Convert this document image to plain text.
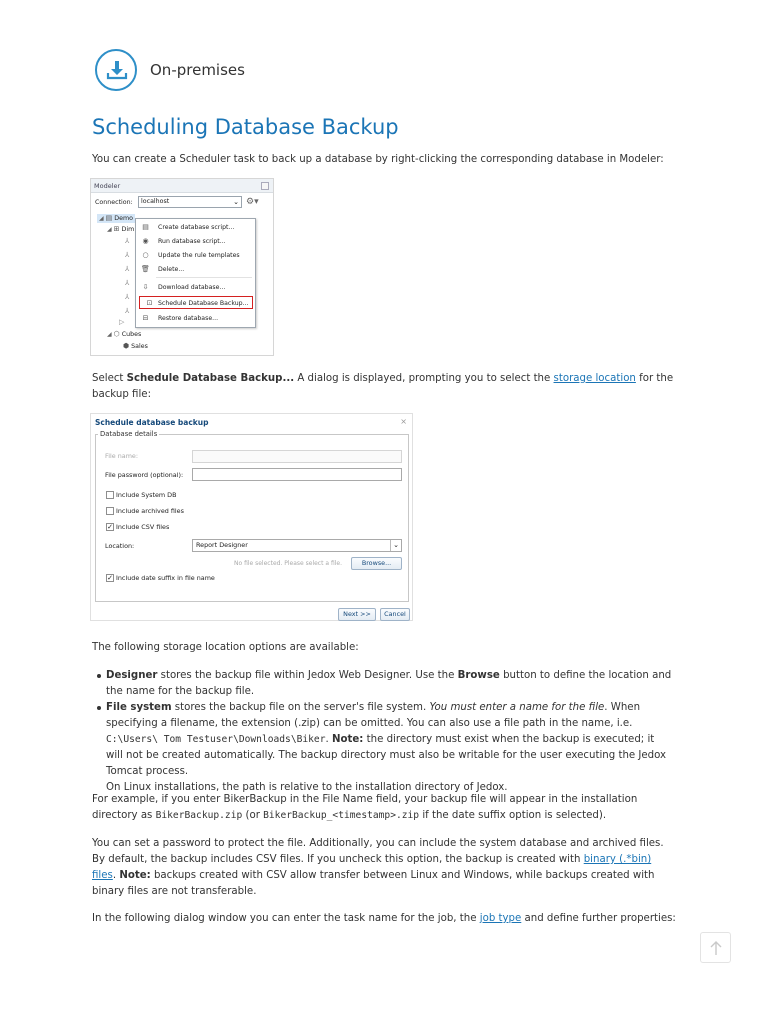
On-premises
Scheduling Database Backup

You can create a Scheduler task to back up a database by right-clicking the corresponding database in Modeler:

Modeler
Connection:	localhost	⌄ ⚙▾
◢ ▤ Demo
◢ ⊞ Dim
⅄
⅄
⅄
⅄
⅄
⅄
▷
◢ ⬡ Cubes
⬢ Sales
▤ Create database script...
◉ Run database script...
○ Update the rule templates
🗑 Delete...
⇩ Download database...
⊡ Schedule Database Backup...
⊟ Restore database...

Select Schedule Database Backup... A dialog is displayed, prompting you to select the storage location for the backup file:

Schedule database backup	×
Database details
File name:
File password (optional):
Include System DB
Include archived files
✓ Include CSV files
Location:	Report Designer	⌄
No file selected. Please select a file.	Browse...
✓ Include date suffix in file name
Next >>	Cancel

The following storage location options are available:

Designer stores the backup file within Jedox Web Designer. Use the Browse button to define the location and the name for the backup file.
File system stores the backup file on the server's file system. You must enter a name for the file. When specifying a filename, the extension (.zip) can be omitted. You can also use a file path in the name, i.e. C:\Users\ Tom Testuser\Downloads\Biker. Note: the directory must exist when the backup is executed; it will not be created automatically. The backup directory must also be writable for the user executing the Jedox Tomcat process.
On Linux installations, the path is relative to the installation directory of Jedox.

For example, if you enter BikerBackup in the File Name field, your backup file will appear in the installation directory as BikerBackup.zip (or BikerBackup_<timestamp>.zip if the date suffix option is selected).

You can set a password to protect the file. Additionally, you can include the system database and archived files. By default, the backup includes CSV files. If you uncheck this option, the backup is created with binary (.*bin) files. Note: backups created with CSV allow transfer between Linux and Windows, while backups created with binary files are not transferable.

In the following dialog window you can enter the task name for the job, the job type and define further properties:
